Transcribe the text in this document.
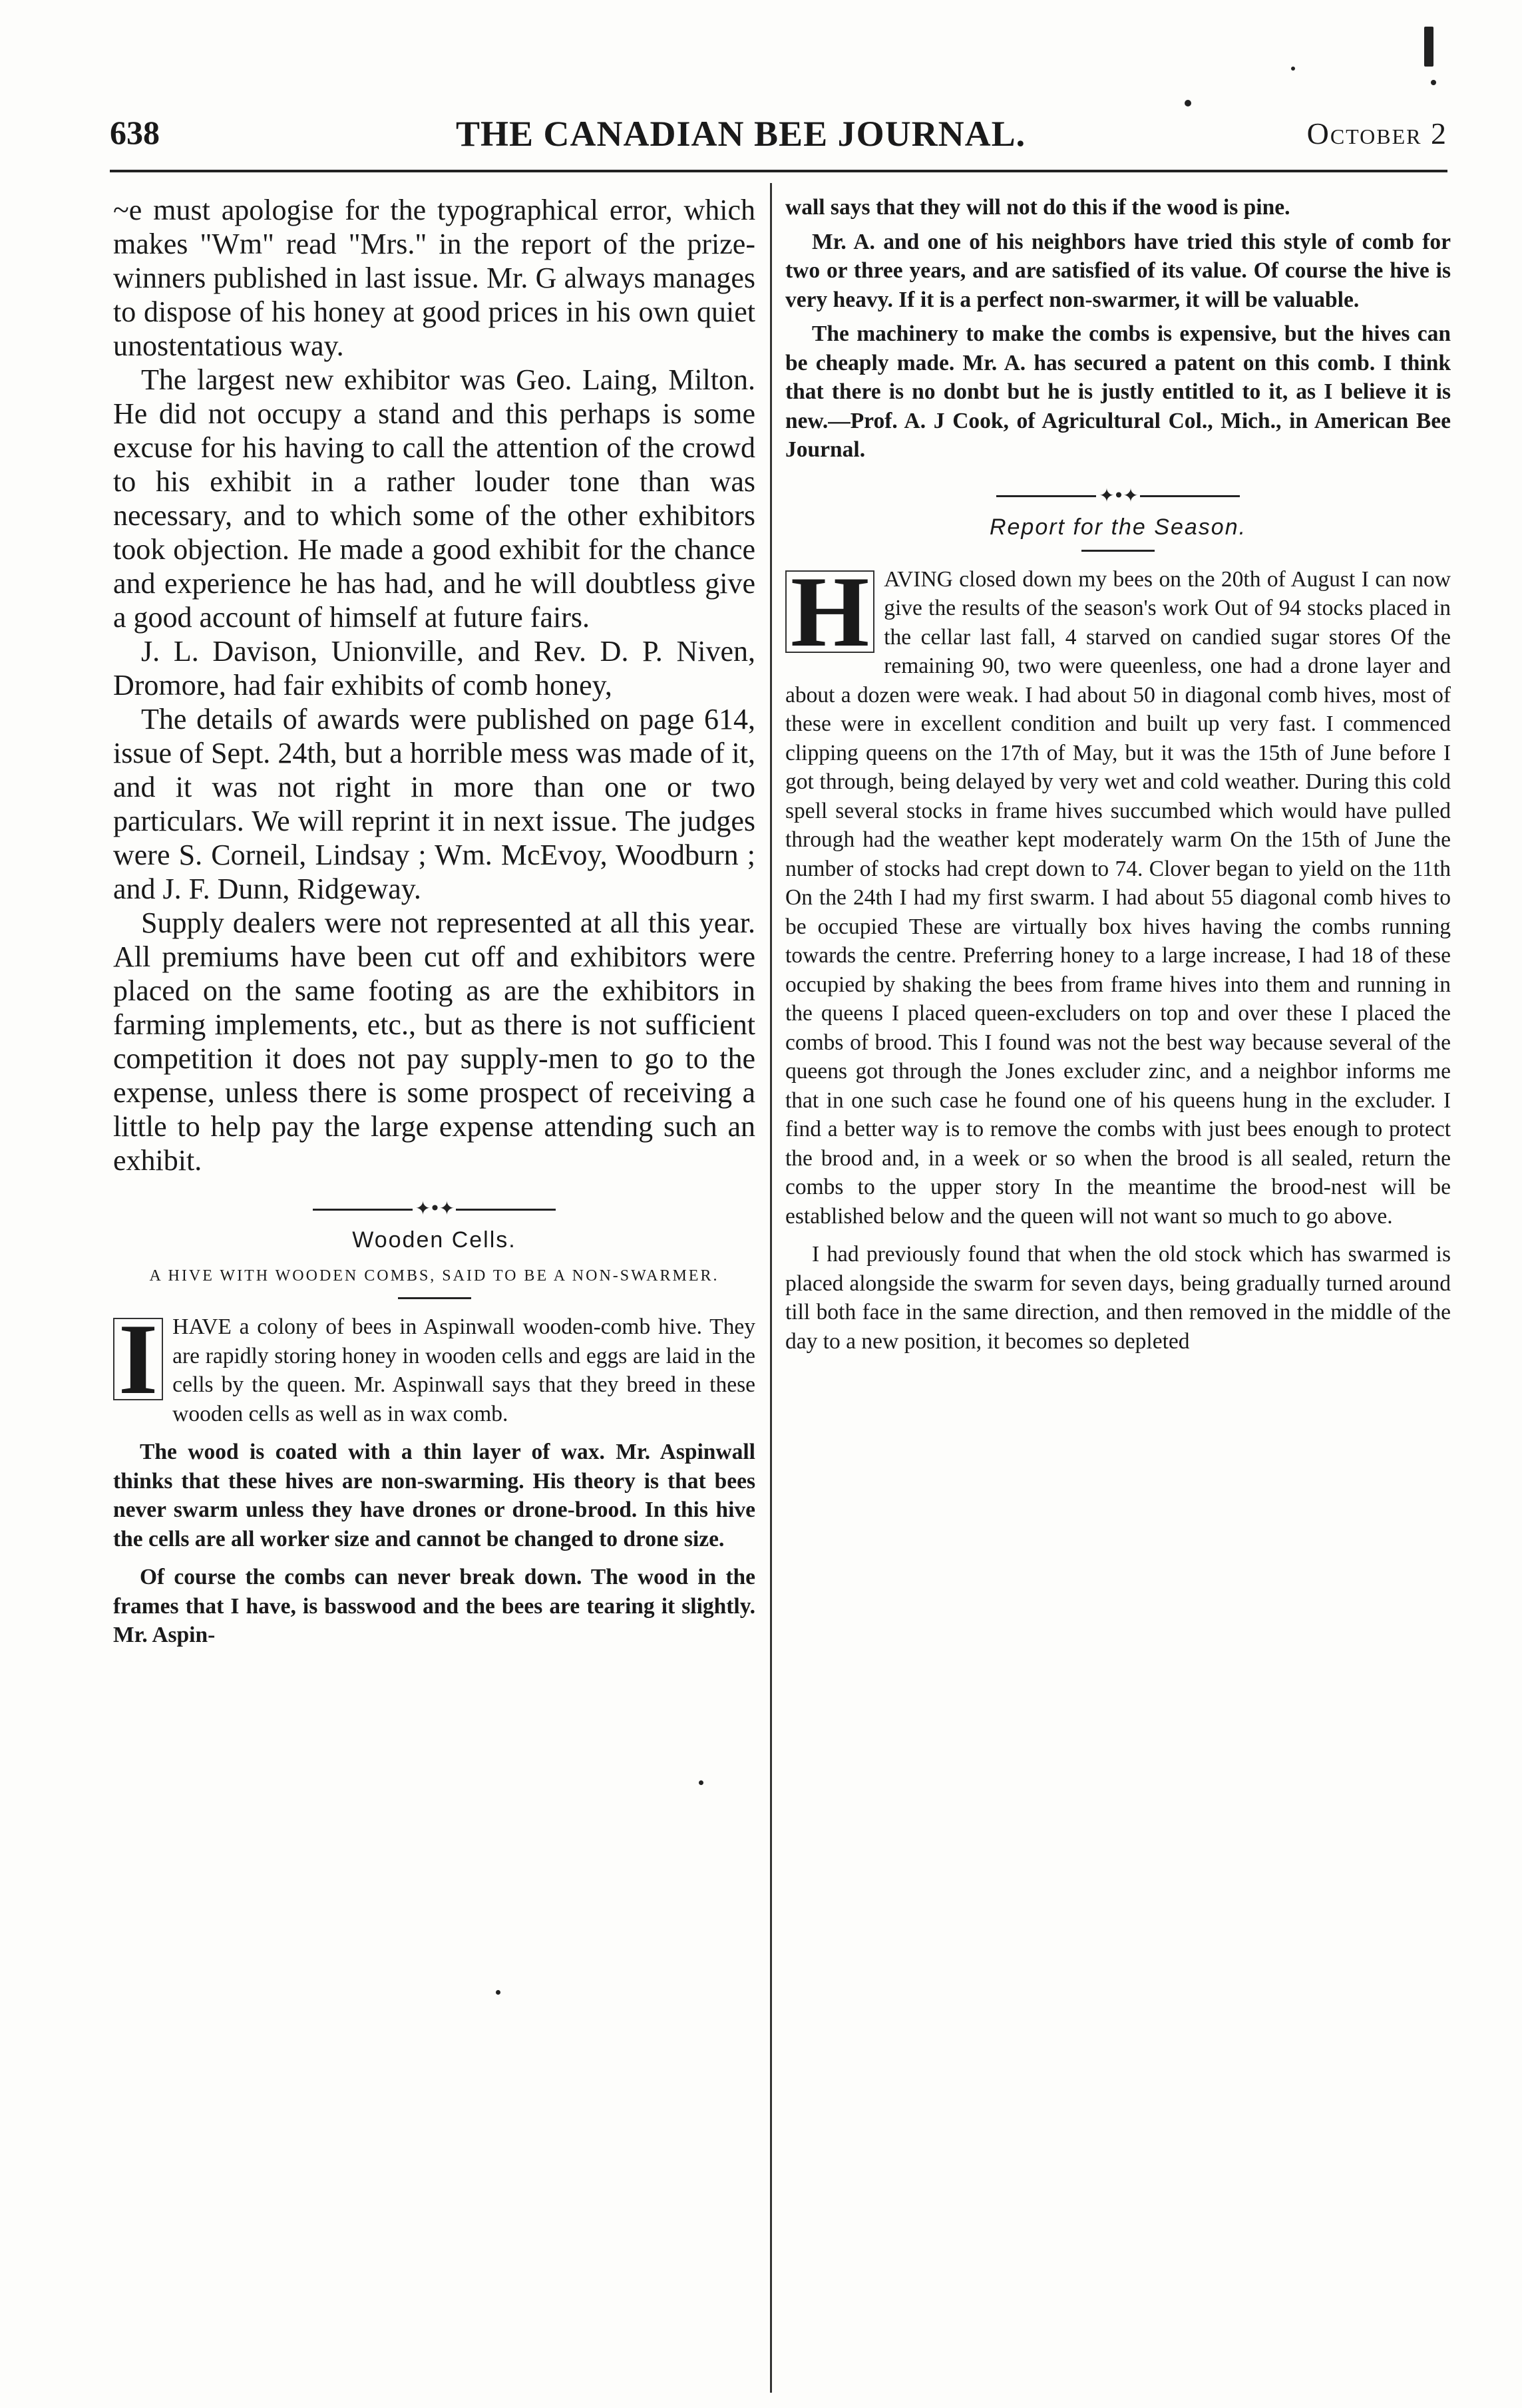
638	THE CANADIAN BEE JOURNAL.	October 2

~e must apologise for the typographical error, which makes "Wm" read "Mrs." in the report of the prize-winners published in last issue. Mr. G always manages to dispose of his honey at good prices in his own quiet unostentatious way.

The largest new exhibitor was Geo. Laing, Milton. He did not occupy a stand and this perhaps is some excuse for his having to call the attention of the crowd to his exhibit in a rather louder tone than was necessary, and to which some of the other exhibitors took objection. He made a good exhibit for the chance and experience he has had, and he will doubtless give a good account of himself at future fairs.

J. L. Davison, Unionville, and Rev. D. P. Niven, Dromore, had fair exhibits of comb honey,

The details of awards were published on page 614, issue of Sept. 24th, but a horrible mess was made of it, and it was not right in more than one or two particulars. We will reprint it in next issue. The judges were S. Corneil, Lindsay ; Wm. McEvoy, Woodburn ; and J. F. Dunn, Ridgeway.

Supply dealers were not represented at all this year. All premiums have been cut off and exhibitors were placed on the same footing as are the exhibitors in farming implements, etc., but as there is not sufficient competition it does not pay supply-men to go to the expense, unless there is some prospect of receiving a little to help pay the large expense attending such an exhibit.

✦•✦
Wooden Cells.
A HIVE WITH WOODEN COMBS, SAID TO BE A NON-SWARMER.

I HAVE a colony of bees in Aspinwall wooden-comb hive. They are rapidly storing honey in wooden cells and eggs are laid in the cells by the queen. Mr. Aspinwall says that they breed in these wooden cells as well as in wax comb.

The wood is coated with a thin layer of wax. Mr. Aspinwall thinks that these hives are non-swarming. His theory is that bees never swarm unless they have drones or drone-brood. In this hive the cells are all worker size and cannot be changed to drone size.

Of course the combs can never break down. The wood in the frames that I have, is basswood and the bees are tearing it slightly. Mr. Aspin-

wall says that they will not do this if the wood is pine.

Mr. A. and one of his neighbors have tried this style of comb for two or three years, and are satisfied of its value. Of course the hive is very heavy. If it is a perfect non-swarmer, it will be valuable.

The machinery to make the combs is expensive, but the hives can be cheaply made. Mr. A. has secured a patent on this comb. I think that there is no donbt but he is justly entitled to it, as I believe it is new.—Prof. A. J Cook, of Agricultural Col., Mich., in American Bee Journal.

✦•✦
Report for the Season.

H AVING closed down my bees on the 20th of August I can now give the results of the season's work Out of 94 stocks placed in the cellar last fall, 4 starved on candied sugar stores Of the remaining 90, two were queenless, one had a drone layer and about a dozen were weak. I had about 50 in diagonal comb hives, most of these were in excellent condition and built up very fast. I commenced clipping queens on the 17th of May, but it was the 15th of June before I got through, being delayed by very wet and cold weather. During this cold spell several stocks in frame hives succumbed which would have pulled through had the weather kept moderately warm On the 15th of June the number of stocks had crept down to 74. Clover began to yield on the 11th On the 24th I had my first swarm. I had about 55 diagonal comb hives to be occupied These are virtually box hives having the combs running towards the centre. Preferring honey to a large increase, I had 18 of these occupied by shaking the bees from frame hives into them and running in the queens I placed queen-excluders on top and over these I placed the combs of brood. This I found was not the best way because several of the queens got through the Jones excluder zinc, and a neighbor informs me that in one such case he found one of his queens hung in the excluder. I find a better way is to remove the combs with just bees enough to protect the brood and, in a week or so when the brood is all sealed, return the combs to the upper story In the meantime the brood-nest will be established below and the queen will not want so much to go above.

I had previously found that when the old stock which has swarmed is placed alongside the swarm for seven days, being gradually turned around till both face in the same direction, and then removed in the middle of the day to a new position, it becomes so depleted
